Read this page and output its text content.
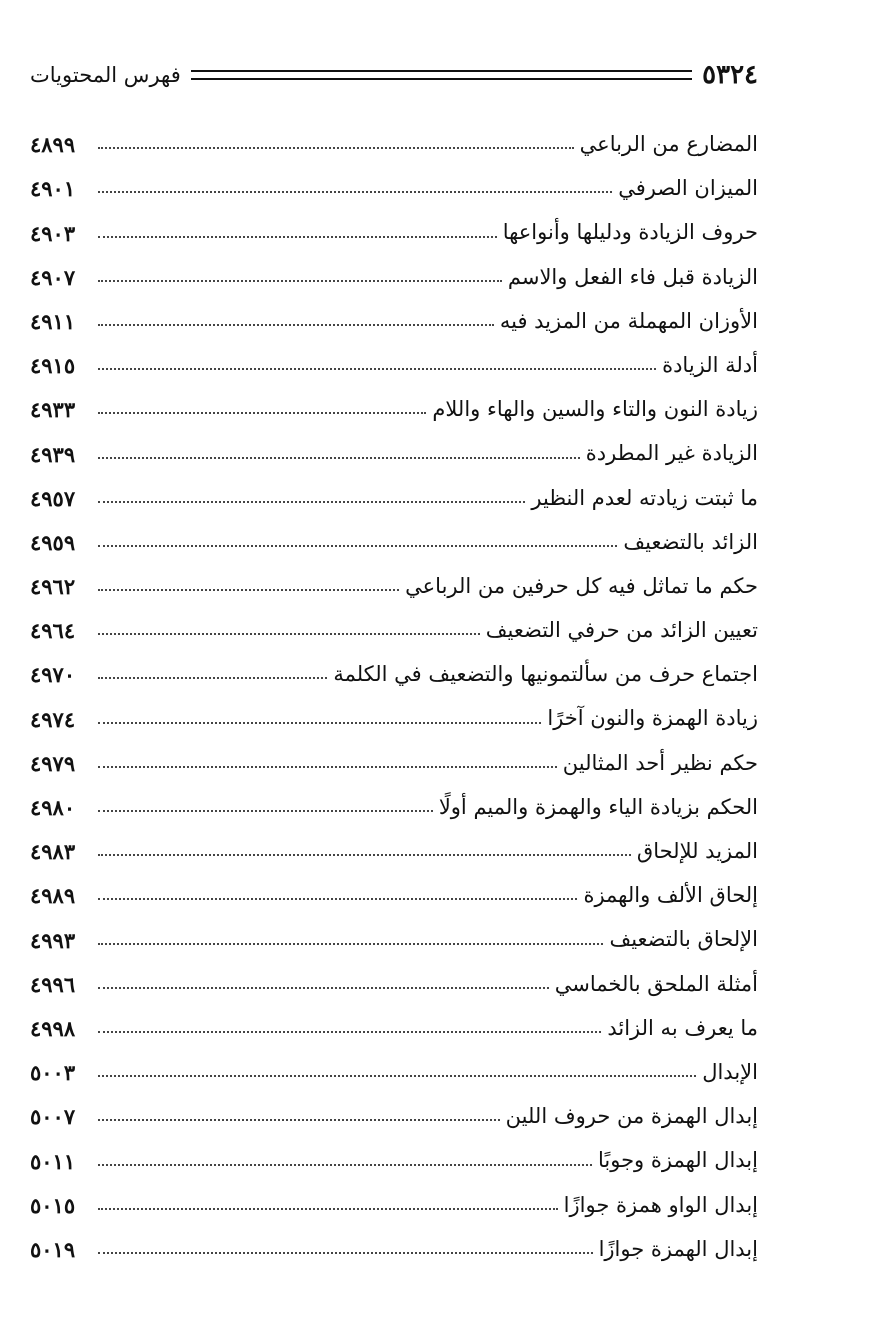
٥٣٢٤
فهرس المحتويات
المضارع من الرباعي
٤٨٩٩
الميزان الصرفي
٤٩٠١
حروف الزيادة ودليلها وأنواعها
٤٩٠٣
الزيادة قبل فاء الفعل والاسم
٤٩٠٧
الأوزان المهملة من المزيد فيه
٤٩١١
أدلة الزيادة
٤٩١٥
زيادة النون والتاء والسين والهاء واللام
٤٩٣٣
الزيادة غير المطردة
٤٩٣٩
ما ثبتت زيادته لعدم النظير
٤٩٥٧
الزائد بالتضعيف
٤٩٥٩
حكم ما تماثل فيه كل حرفين من الرباعي
٤٩٦٢
تعيين الزائد من حرفي التضعيف
٤٩٦٤
اجتماع حرف من سألتمونيها والتضعيف في الكلمة
٤٩٧٠
زيادة الهمزة والنون آخرًا
٤٩٧٤
حكم نظير أحد المثالين
٤٩٧٩
الحكم بزيادة الياء والهمزة والميم أولًا
٤٩٨٠
المزيد للإلحاق
٤٩٨٣
إلحاق الألف والهمزة
٤٩٨٩
الإلحاق بالتضعيف
٤٩٩٣
أمثلة الملحق بالخماسي
٤٩٩٦
ما يعرف به الزائد
٤٩٩٨
الإبدال
٥٠٠٣
إبدال الهمزة من حروف اللين
٥٠٠٧
إبدال الهمزة وجوبًا
٥٠١١
إبدال الواو همزة جوازًا
٥٠١٥
إبدال الهمزة جوازًا
٥٠١٩
